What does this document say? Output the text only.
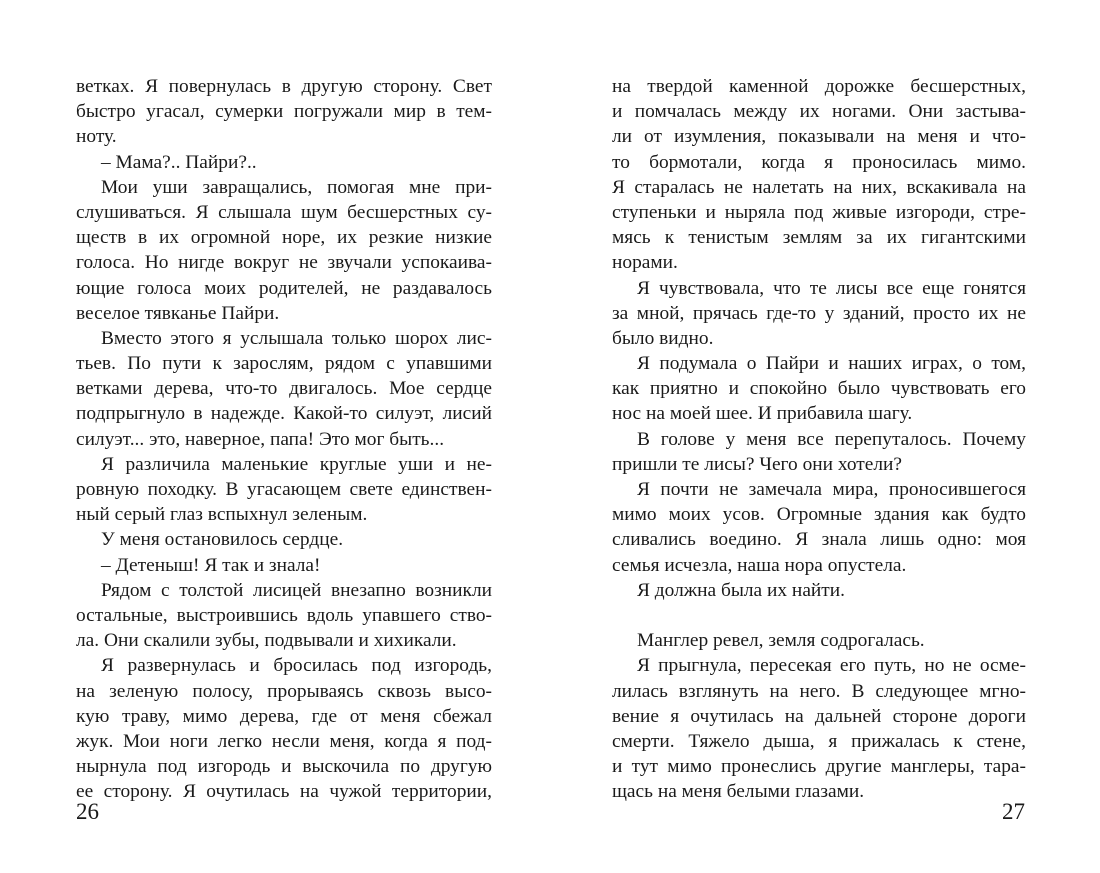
ветках. Я повернулась в другую сторону. Свет
быстро угасал, сумерки погружали мир в тем-
ноту.
– Мама?.. Пайри?..
Мои уши завращались, помогая мне при-
слушиваться. Я слышала шум бесшерстных су-
ществ в их огромной норе, их резкие низкие
голоса. Но нигде вокруг не звучали успокаива-
ющие голоса моих родителей, не раздавалось
веселое тявканье Пайри.
Вместо этого я услышала только шорох лис-
тьев. По пути к зарослям, рядом с упавшими
ветками дерева, что-то двигалось. Мое сердце
подпрыгнуло в надежде. Какой-то силуэт, лисий
силуэт... это, наверное, папа! Это мог быть...
Я различила маленькие круглые уши и не-
ровную походку. В угасающем свете единствен-
ный серый глаз вспыхнул зеленым.
У меня остановилось сердце.
– Детеныш! Я так и знала!
Рядом с толстой лисицей внезапно возникли
остальные, выстроившись вдоль упавшего ство-
ла. Они скалили зубы, подвывали и хихикали.
Я развернулась и бросилась под изгородь,
на зеленую полосу, прорываясь сквозь высо-
кую траву, мимо дерева, где от меня сбежал
жук. Мои ноги легко несли меня, когда я под-
нырнула под изгородь и выскочила по другую
ее сторону. Я очутилась на чужой территории,
26
на твердой каменной дорожке бесшерстных,
и помчалась между их ногами. Они застыва-
ли от изумления, показывали на меня и что-
то бормотали, когда я проносилась мимо.
Я старалась не налетать на них, вскакивала на
ступеньки и ныряла под живые изгороди, стре-
мясь к тенистым землям за их гигантскими
норами.
Я чувствовала, что те лисы все еще гонятся
за мной, прячась где-то у зданий, просто их не
было видно.
Я подумала о Пайри и наших играх, о том,
как приятно и спокойно было чувствовать его
нос на моей шее. И прибавила шагу.
В голове у меня все перепуталось. Почему
пришли те лисы? Чего они хотели?
Я почти не замечала мира, проносившегося
мимо моих усов. Огромные здания как будто
сливались воедино. Я знала лишь одно: моя
семья исчезла, наша нора опустела.
Я должна была их найти.
Манглер ревел, земля содрогалась.
Я прыгнула, пересекая его путь, но не осме-
лилась взглянуть на него. В следующее мгно-
вение я очутилась на дальней стороне дороги
смерти. Тяжело дыша, я прижалась к стене,
и тут мимо пронеслись другие манглеры, тара-
щась на меня белыми глазами.
27
